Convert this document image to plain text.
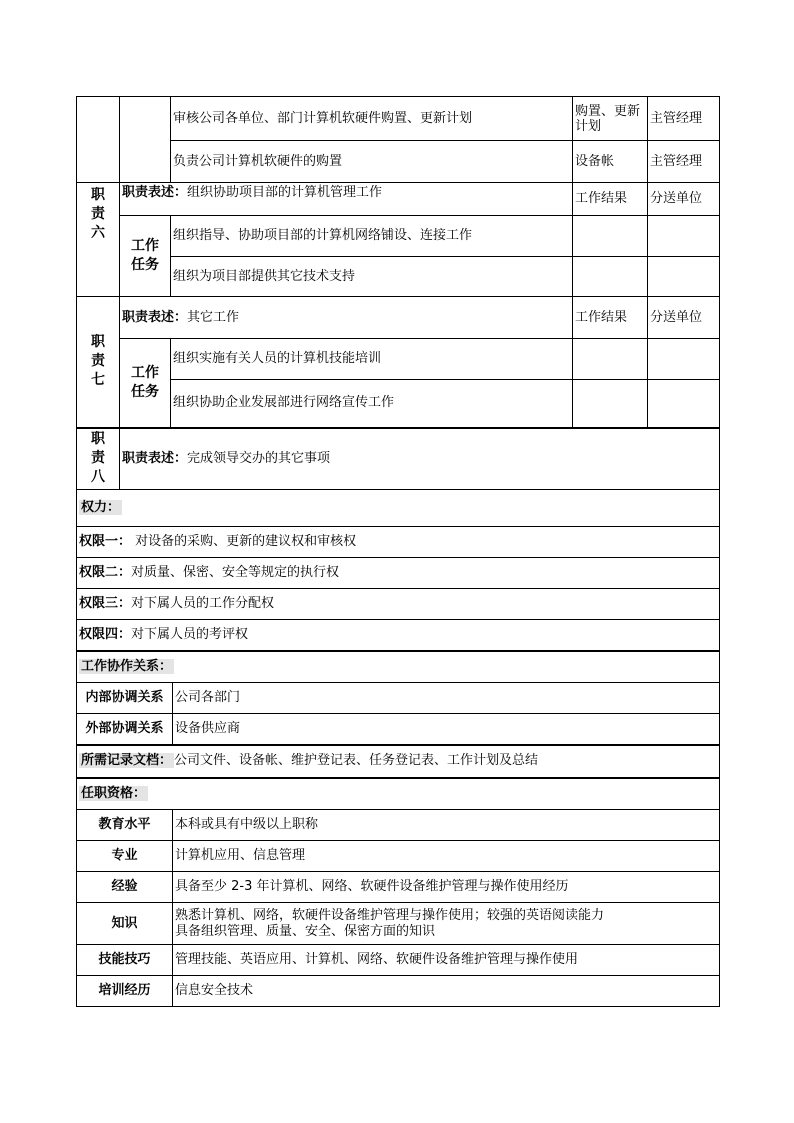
		审核公司各单位、部门计算机软硬件购置、更新计划	购置、更新计划	主管经理
		负责公司计算机软硬件的购置	设备帐	主管经理
职责六	职责表述：组织协助项目部的计算机管理工作		工作结果	分送单位
	工作任务	组织指导、协助项目部的计算机网络铺设、连接工作		
		组织为项目部提供其它技术支持		
职责七	职责表述：其它工作		工作结果	分送单位
	工作任务	组织实施有关人员的计算机技能培训		
		组织协助企业发展部进行网络宣传工作		
职责八	职责表述：完成领导交办的其它事项			
权力：	
权限一： 对设备的采购、更新的建议权和审核权	
权限二：对质量、保密、安全等规定的执行权	
权限三：对下属人员的工作分配权	
权限四：对下属人员的考评权	
工作协作关系：	
内部协调关系	公司各部门
外部协调关系	设备供应商
所需记录文档： 公司文件、设备帐、维护登记表、任务登记表、工作计划及总结	
任职资格：	
教育水平	本科或具有中级以上职称
专业	计算机应用、信息管理
经验	具备至少 2-3 年计算机、网络、软硬件设备维护管理与操作使用经历
知识	熟悉计算机、网络，软硬件设备维护管理与操作使用；较强的英语阅读能力
具备组织管理、质量、安全、保密方面的知识

技能技巧	管理技能、英语应用、计算机、网络、软硬件设备维护管理与操作使用
培训经历	信息安全技术
